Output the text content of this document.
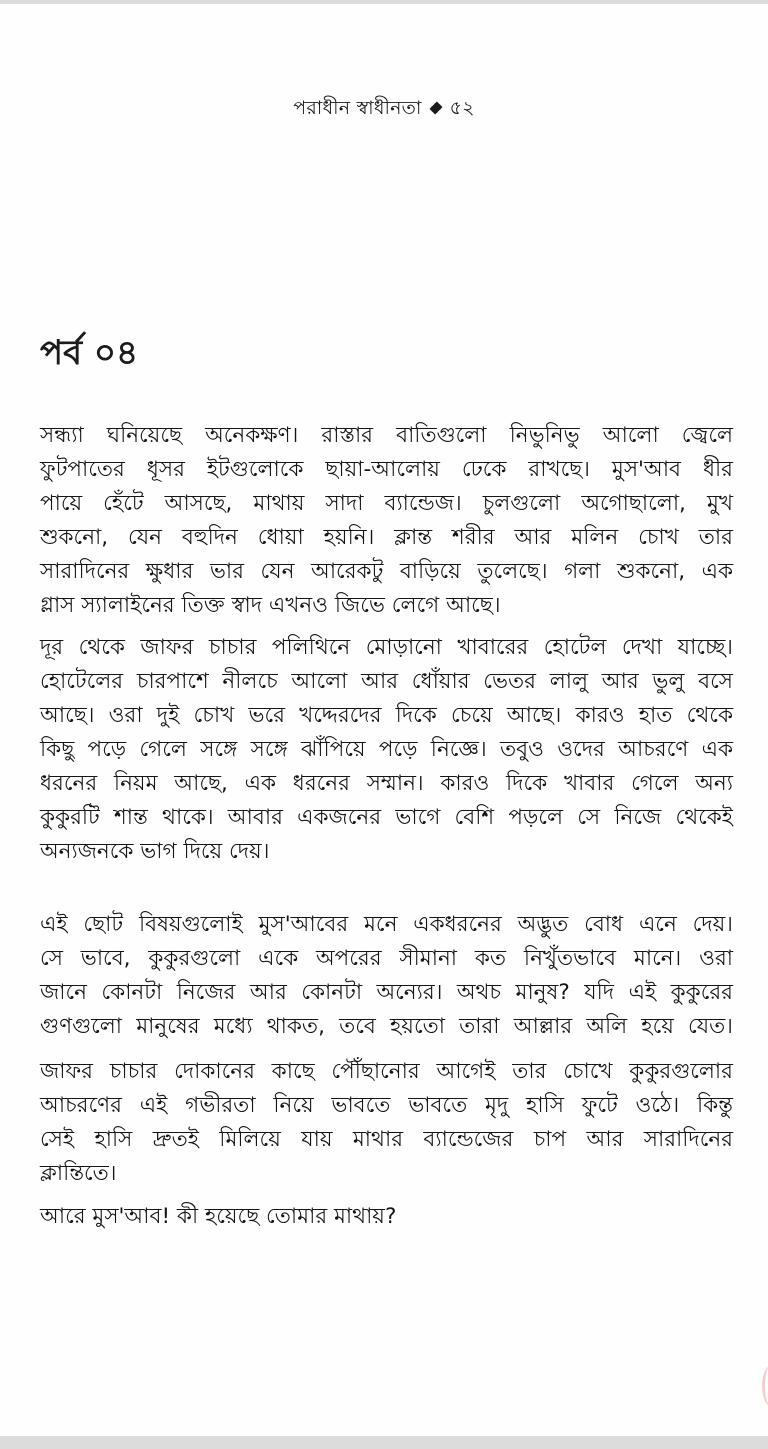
পরাধীন স্বাধীনতা ৫২
পর্ব ০৪
সন্ধ্যা ঘনিয়েছে অনেকক্ষণ। রাস্তার বাতিগুলো নিভুনিভু আলো জ্বেলে
ফুটপাতের ধূসর ইটগুলোকে ছায়া-আলোয় ঢেকে রাখছে। মুস'আব ধীর
পায়ে হেঁটে আসছে, মাথায় সাদা ব্যান্ডেজ। চুলগুলো অগোছালো, মুখ
শুকনো, যেন বহুদিন ধোয়া হয়নি। ক্লান্ত শরীর আর মলিন চোখ তার
সারাদিনের ক্ষুধার ভার যেন আরেকটু বাড়িয়ে তুলেছে। গলা শুকনো, এক
গ্লাস স্যালাইনের তিক্ত স্বাদ এখনও জিভে লেগে আছে।
দূর থেকে জাফর চাচার পলিথিনে মোড়ানো খাবারের হোটেল দেখা যাচ্ছে।
হোটেলের চারপাশে নীলচে আলো আর ধোঁয়ার ভেতর লালু আর ভুলু বসে
আছে। ওরা দুই চোখ ভরে খদ্দেরদের দিকে চেয়ে আছে। কারও হাত থেকে
কিছু পড়ে গেলে সঙ্গে সঙ্গে ঝাঁপিয়ে পড়ে নিজ্ঞে। তবুও ওদের আচরণে এক
ধরনের নিয়ম আছে, এক ধরনের সম্মান। কারও দিকে খাবার গেলে অন্য
কুকুরটি শান্ত থাকে। আবার একজনের ভাগে বেশি পড়লে সে নিজে থেকেই
অন্যজনকে ভাগ দিয়ে দেয়।
এই ছোট বিষয়গুলোই মুস'আবের মনে একধরনের অদ্ভুত বোধ এনে দেয়।
সে ভাবে, কুকুরগুলো একে অপরের সীমানা কত নিখুঁতভাবে মানে। ওরা
জানে কোনটা নিজের আর কোনটা অন্যের। অথচ মানুষ? যদি এই কুকুরের
গুণগুলো মানুষের মধ্যে থাকত, তবে হয়তো তারা আল্লার অলি হয়ে যেত।
জাফর চাচার দোকানের কাছে পৌঁছানোর আগেই তার চোখে কুকুরগুলোর
আচরণের এই গভীরতা নিয়ে ভাবতে ভাবতে মৃদু হাসি ফুটে ওঠে। কিন্তু
সেই হাসি দ্রুতই মিলিয়ে যায় মাথার ব্যান্ডেজের চাপ আর সারাদিনের
ক্লান্তিতে।
আরে মুস'আব! কী হয়েছে তোমার মাথায়?
